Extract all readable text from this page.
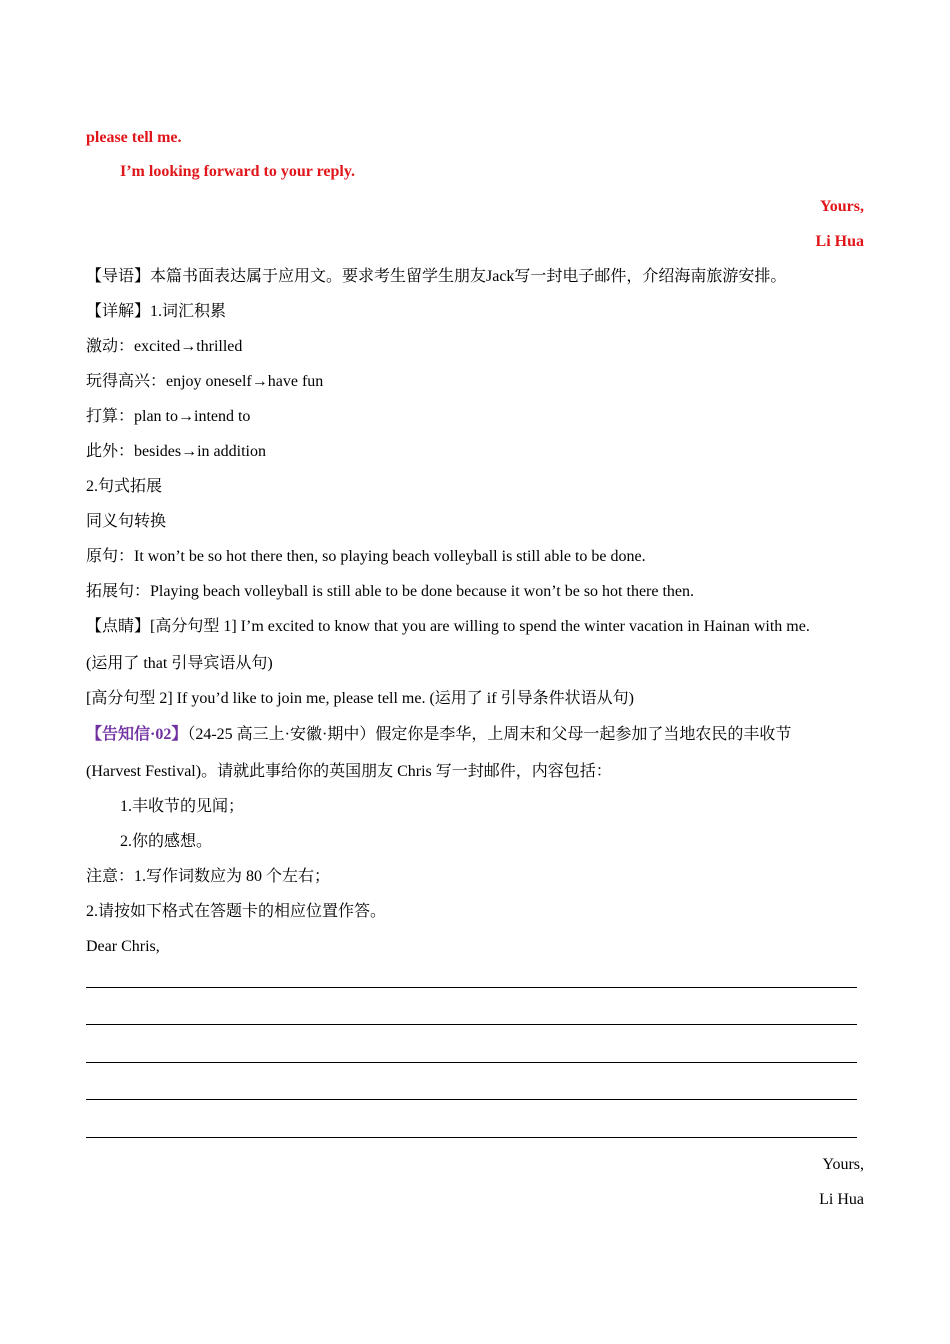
please tell me.
I’m looking forward to your reply.
Yours,
Li Hua
【导语】本篇书面表达属于应用文。要求考生留学生朋友Jack写一封电子邮件，介绍海南旅游安排。
【详解】1.词汇积累
激动：excited→thrilled
玩得高兴：enjoy oneself→have fun
打算：plan to→intend to
此外：besides→in addition
2.句式拓展
同义句转换
原句：It won’t be so hot there then, so playing beach volleyball is still able to be done.
拓展句：Playing beach volleyball is still able to be done because it won’t be so hot there then.
【点睛】[高分句型 1] I’m excited to know that you are willing to spend the winter vacation in Hainan with me.
(运用了 that 引导宾语从句)
[高分句型 2] If you’d like to join me, please tell me. (运用了 if 引导条件状语从句)
【告知信·02】（24-25 高三上·安徽·期中）假定你是李华，上周末和父母一起参加了当地农民的丰收节
(Harvest Festival)。请就此事给你的英国朋友 Chris 写一封邮件，内容包括：
1.丰收节的见闻；
2.你的感想。
注意：1.写作词数应为 80 个左右；
2.请按如下格式在答题卡的相应位置作答。
Dear Chris,
Yours,
Li Hua
